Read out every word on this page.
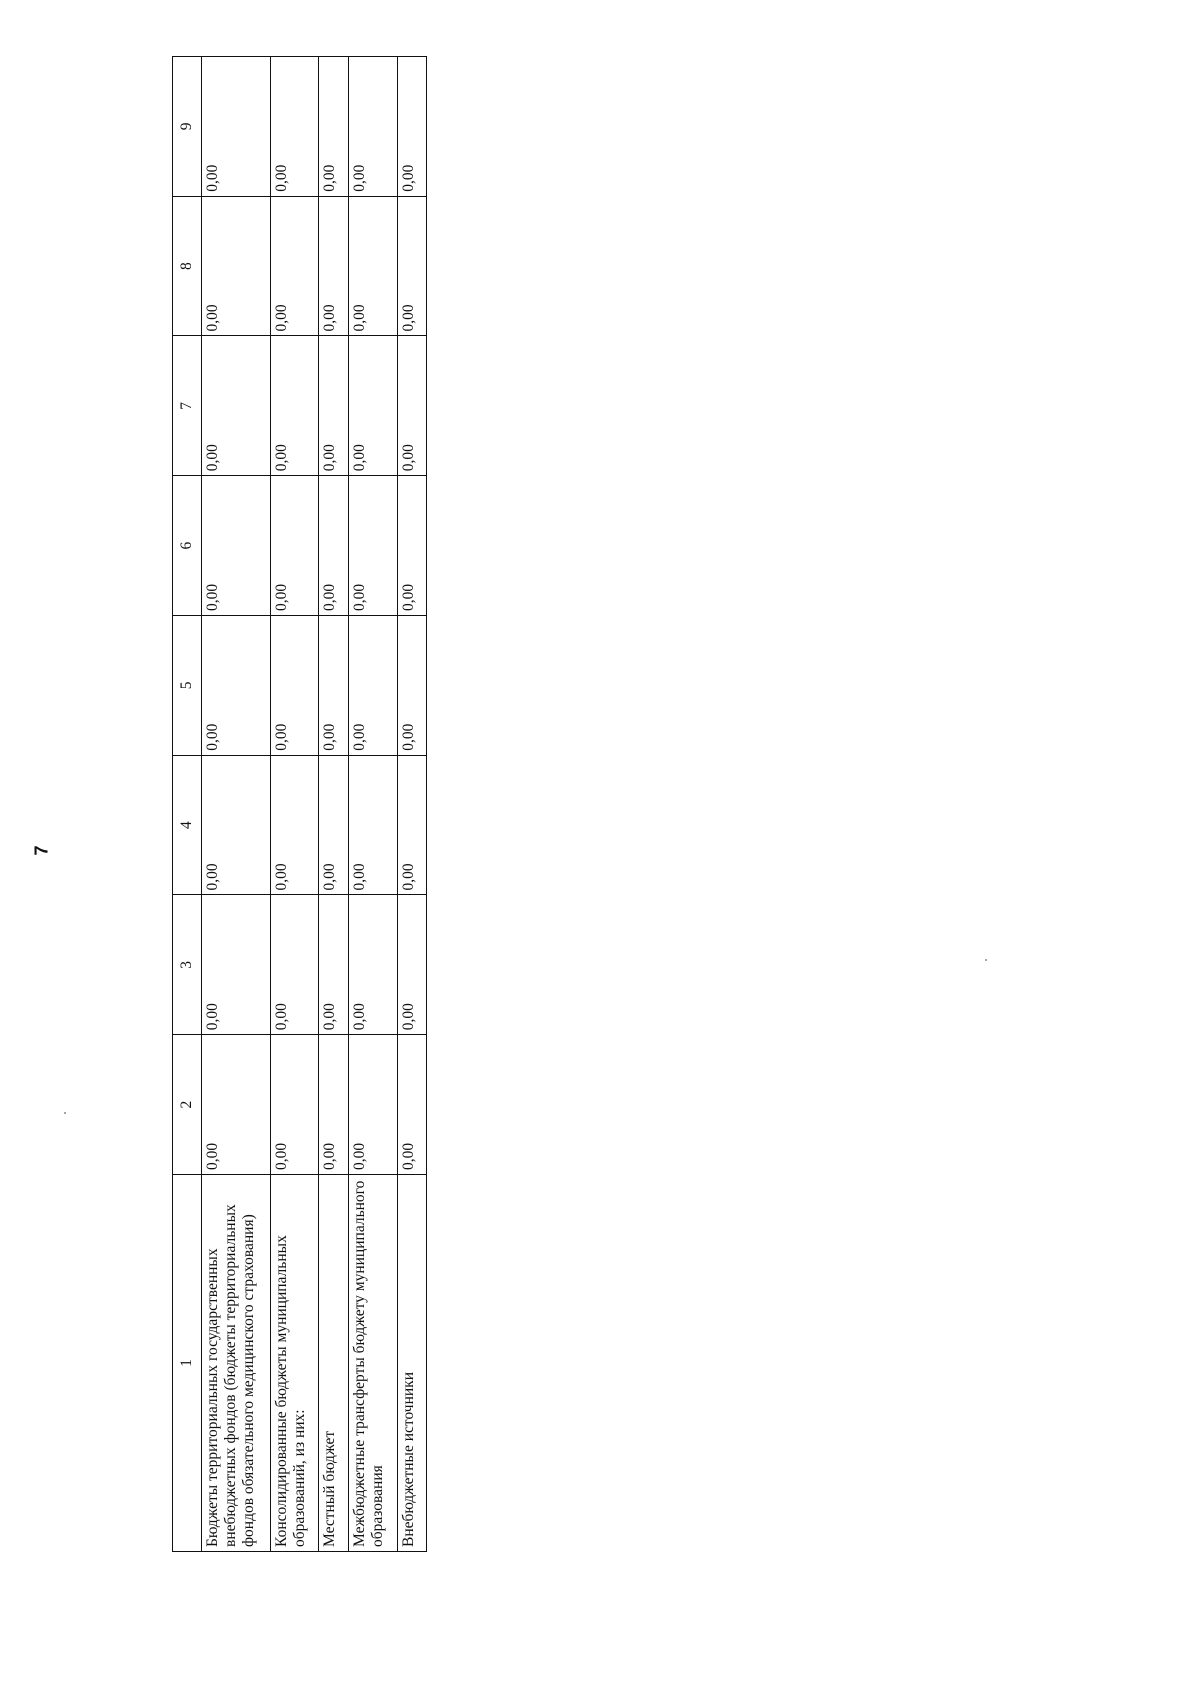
7
1	2	3	4	5	6	7	8	9
Бюджеты территориальных государственных внебюджетных фондов (бюджеты территориальных фондов обязательного медицинского страхования)	0,00	0,00	0,00	0,00	0,00	0,00	0,00	0,00
Консолидированные бюджеты муниципальных образований, из них:	0,00	0,00	0,00	0,00	0,00	0,00	0,00	0,00
Местный бюджет	0,00	0,00	0,00	0,00	0,00	0,00	0,00	0,00
Межбюджетные трансферты бюджету муниципального образования	0,00	0,00	0,00	0,00	0,00	0,00	0,00	0,00
Внебюджетные источники	0,00	0,00	0,00	0,00	0,00	0,00	0,00	0,00
